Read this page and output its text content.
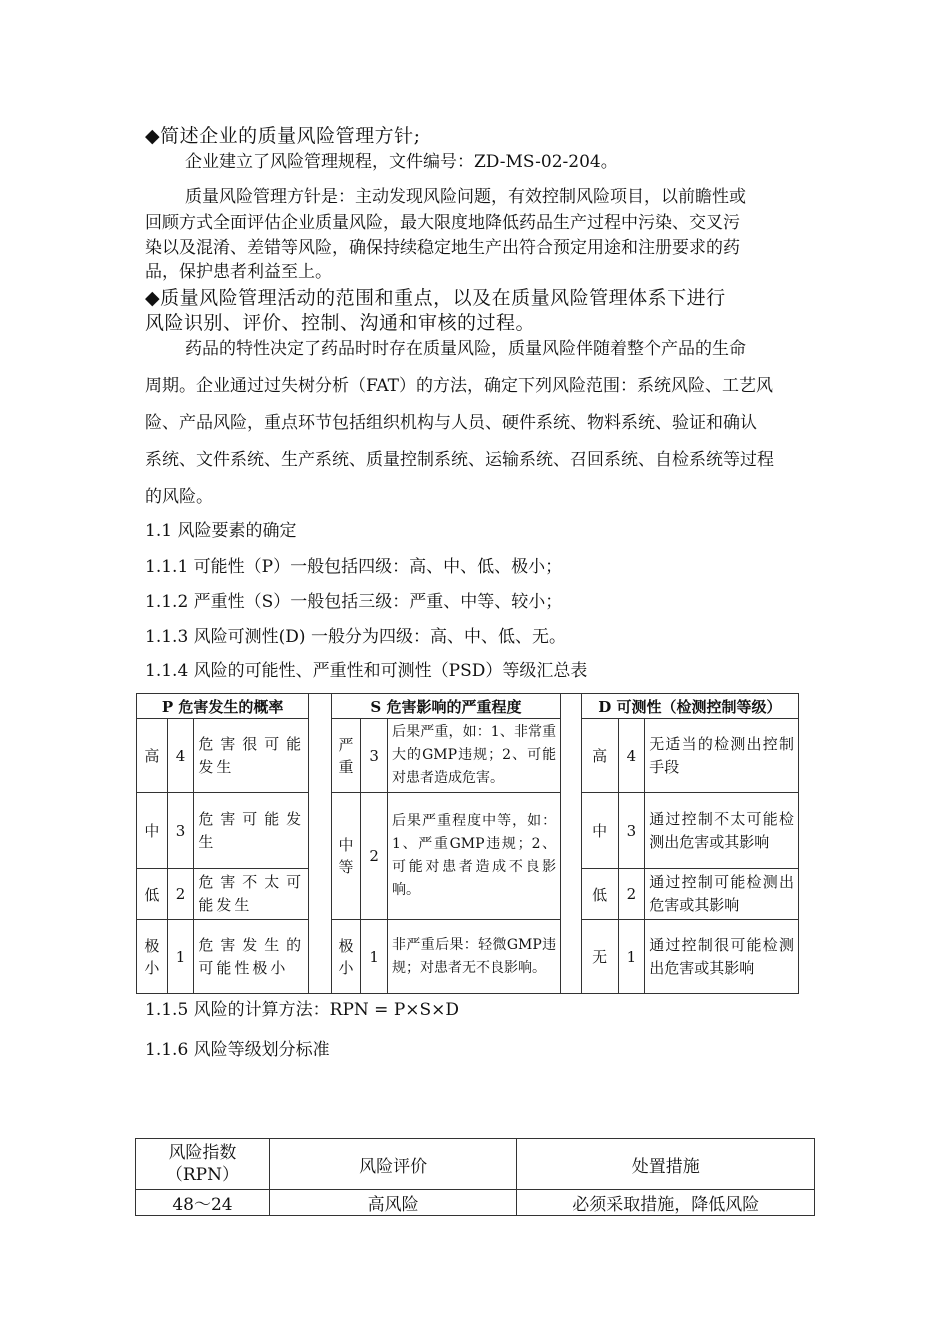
◆简述企业的质量风险管理方针;
企业建立了风险管理规程，文件编号：ZD-MS-02-204。
质量风险管理方针是：主动发现风险问题，有效控制风险项目，以前瞻性或
回顾方式全面评估企业质量风险，最大限度地降低药品生产过程中污染、交叉污
染以及混淆、差错等风险，确保持续稳定地生产出符合预定用途和注册要求的药
品，保护患者利益至上。
◆质量风险管理活动的范围和重点，以及在质量风险管理体系下进行
风险识别、评价、控制、沟通和审核的过程。
药品的特性决定了药品时时存在质量风险，质量风险伴随着整个产品的生命
周期。企业通过过失树分析（FAT）的方法，确定下列风险范围：系统风险、工艺风
险、产品风险，重点环节包括组织机构与人员、硬件系统、物料系统、验证和确认
系统、文件系统、生产系统、质量控制系统、运输系统、召回系统、自检系统等过程
的风险。
1.1 风险要素的确定
1.1.1 可能性（P）一般包括四级：高、中、低、极小；
1.1.2 严重性（S）一般包括三级：严重、中等、较小；
1.1.3 风险可测性(D) 一般分为四级：高、中、低、无。
1.1.4 风险的可能性、严重性和可测性（PSD）等级汇总表
P 危害发生的概率				S 危害影响的严重程度				D 可测性（检测控制等级）		
高	4	危害很可能发生		严重	3	后果严重，如：1、非常重大的GMP违规；2、可能对患者造成危害。		高	4	无适当的检测出控制手段
中	3	危害可能发生		中等	2	后果严重程度中等，如：1、严重GMP违规；2、可能对患者造成不良影响。		中	3	通过控制不太可能检测出危害或其影响
低	2	危害不太可能发生						低	2	通过控制可能检测出危害或其影响
极小	1	危害发生的可能性极小		极小	1	非严重后果：轻微GMP违规；对患者无不良影响。		无	1	通过控制很可能检测出危害或其影响
1.1.5 风险的计算方法：RPN = P×S×D
1.1.6 风险等级划分标准
风险指数
（RPN）	风险评价	处置措施
48～24	高风险	必须采取措施，降低风险
